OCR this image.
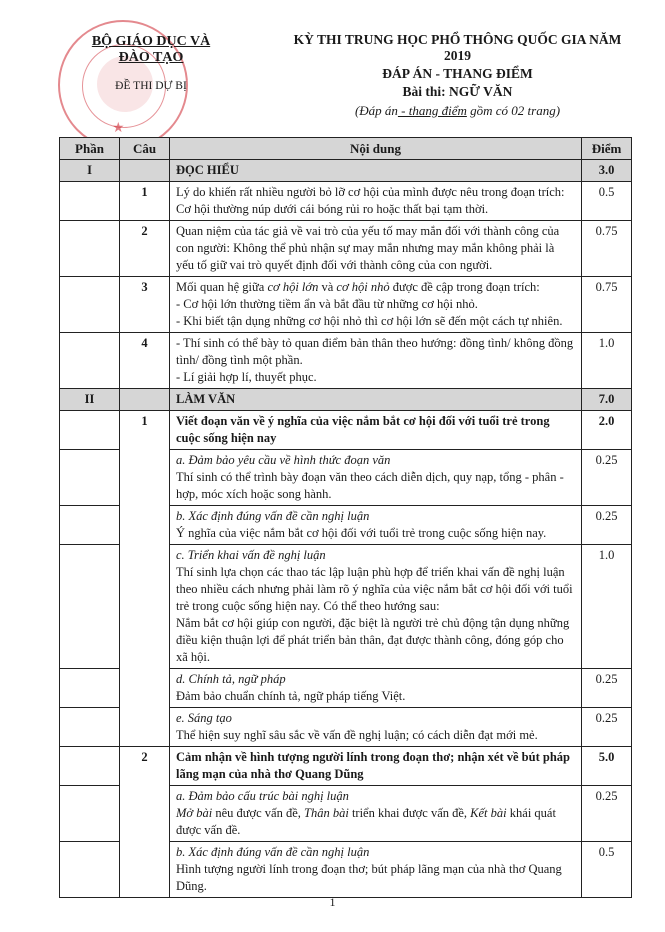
★
BỘ GIÁO DỤC VÀ ĐÀO TẠO
ĐỀ THI DỰ BỊ
KỲ THI TRUNG HỌC PHỔ THÔNG QUỐC GIA NĂM 2019
ĐÁP ÁN - THANG ĐIỂM
Bài thi: NGỮ VĂN
(Đáp án - thang điểm gồm có 02 trang)
Phần	Câu	Nội dung	Điểm
I		ĐỌC HIỂU	3.0
	1	Lý do khiến rất nhiều người bỏ lỡ cơ hội của mình được nêu trong đoạn trích:
Cơ hội thường núp dưới cái bóng rủi ro hoặc thất bại tạm thời.	0.5
	2	Quan niệm của tác giả về vai trò của yếu tố may mắn đối với thành công của con người: Không thể phủ nhận sự may mắn nhưng may mắn không phải là yếu tố giữ vai trò quyết định đối với thành công của con người.	0.75
	3	Mối quan hệ giữa cơ hội lớn và cơ hội nhỏ được đề cập trong đoạn trích:
- Cơ hội lớn thường tiềm ẩn và bắt đầu từ những cơ hội nhỏ.
- Khi biết tận dụng những cơ hội nhỏ thì cơ hội lớn sẽ đến một cách tự nhiên.	0.75
	4	- Thí sinh có thể bày tỏ quan điểm bản thân theo hướng: đồng tình/ không đồng tình/ đồng tình một phần.
- Lí giải hợp lí, thuyết phục.	1.0
II		LÀM VĂN	7.0
	1	Viết đoạn văn về ý nghĩa của việc nắm bắt cơ hội đối với tuổi trẻ trong cuộc sống hiện nay	2.0

		a. Đảm bảo yêu cầu về hình thức đoạn văn
Thí sinh có thể trình bày đoạn văn theo cách diễn dịch, quy nạp, tổng - phân - hợp, móc xích hoặc song hành.	0.25

		b. Xác định đúng vấn đề cần nghị luận
Ý nghĩa của việc nắm bắt cơ hội đối với tuổi trẻ trong cuộc sống hiện nay.	0.25

		c. Triển khai vấn đề nghị luận
Thí sinh lựa chọn các thao tác lập luận phù hợp để triển khai vấn đề nghị luận theo nhiều cách nhưng phải làm rõ ý nghĩa của việc nắm bắt cơ hội đối với tuổi trẻ trong cuộc sống hiện nay. Có thể theo hướng sau:
Nắm bắt cơ hội giúp con người, đặc biệt là người trẻ chủ động tận dụng những điều kiện thuận lợi để phát triển bản thân, đạt được thành công, đóng góp cho xã hội.	1.0

		d. Chính tả, ngữ pháp
Đảm bảo chuẩn chính tả, ngữ pháp tiếng Việt.	0.25

		e. Sáng tạo
Thể hiện suy nghĩ sâu sắc về vấn đề nghị luận; có cách diễn đạt mới mẻ.	0.25
	2	Cảm nhận về hình tượng người lính trong đoạn thơ; nhận xét về bút pháp lãng mạn của nhà thơ Quang Dũng	5.0

		a. Đảm bảo cấu trúc bài nghị luận
Mở bài nêu được vấn đề, Thân bài triển khai được vấn đề, Kết bài khái quát được vấn đề.	0.25

		b. Xác định đúng vấn đề cần nghị luận
Hình tượng người lính trong đoạn thơ; bút pháp lãng mạn của nhà thơ Quang Dũng.	0.5
1
